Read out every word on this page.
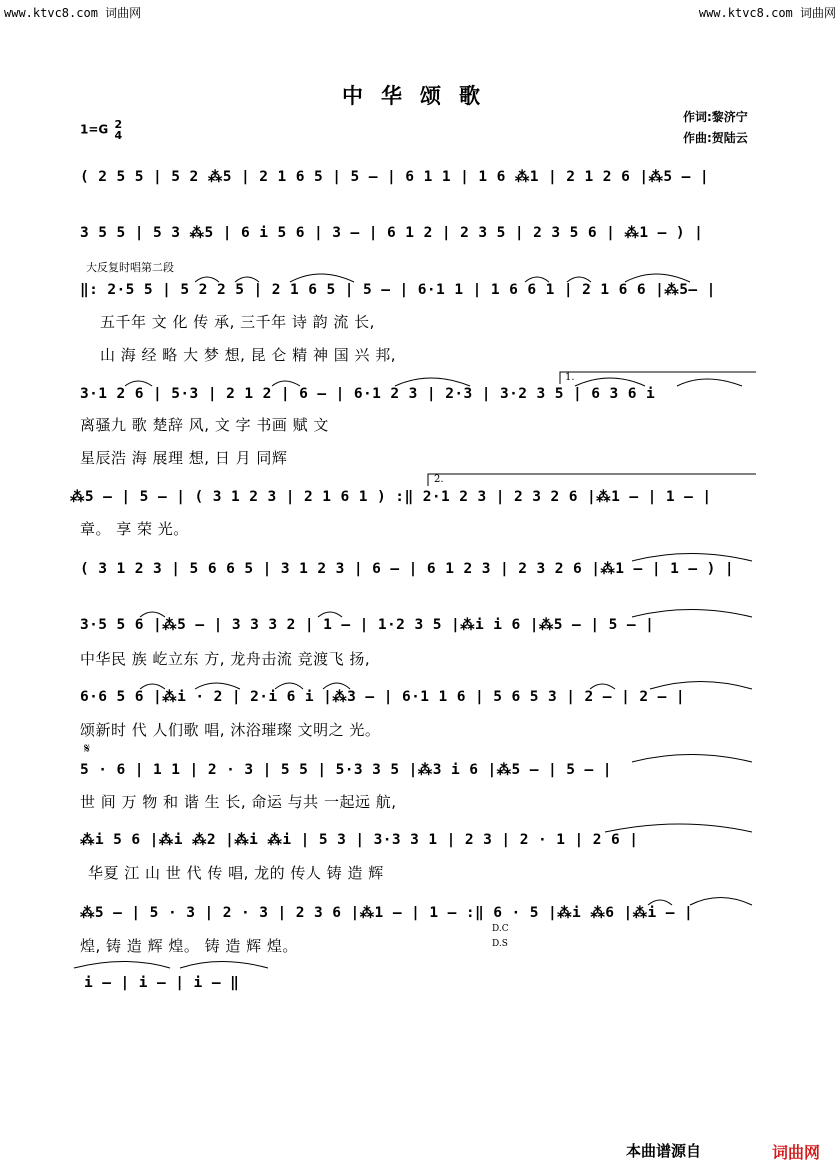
www.ktvc8.com 词曲网	www.ktvc8.com 词曲网
中华颂歌
作词:黎济宁
作曲:贺陆云
1=G 2
4
( 2 5 5 | 5 2 ⁂5 | 2 1 6 5 | 5 — | 6 1 1 | 1 6 ⁂1 | 2 1 2 6 |⁂5 — |
3 5 5 | 5 3 ⁂5 | 6 i 5 6 | 3 — | 6 1 2 | 2 3 5 | 2 3 5 6 | ⁂1 — ) |
大反复时唱第二段
‖: 2·5 5 | 5 2 2 5 | 2 1 6 5 | 5 — | 6·1 1 | 1 6 6 1 | 2 1 6 6 |⁂5— |
五千年 文 化 传 承, 三千年 诗 韵 流 长,
山 海 经 略 大 梦 想, 昆 仑 精 神 国 兴 邦,
1.
3·1 2 6 | 5·3 | 2 1 2 | 6 — | 6·1 2 3 | 2·3 | 3·2 3 5 | 6 3 6 i
离骚九 歌 楚辞 风, 文 字 书画 赋 文
星辰浩 海 展理 想, 日 月 同辉
2.
⁂5 — | 5 — | ( 3 1 2 3 | 2 1 6 1 ) :‖ 2·1 2 3 | 2 3 2 6 |⁂1 — | 1 — |
章。 享 荣 光。
( 3 1 2 3 | 5 6 6 5 | 3 1 2 3 | 6 — | 6 1 2 3 | 2 3 2 6 |⁂1 — | 1 — ) |
3·5 5 6 |⁂5 — | 3 3 3 2 | 1 — | 1·2 3 5 |⁂i i 6 |⁂5 — | 5 — |
中华民 族 屹立东 方, 龙舟击流 竞渡飞 扬,
6·6 5 6 |⁂i · 2 | 2·i 6 i |⁂3 — | 6·1 1 6 | 5 6 5 3 | 2 — | 2 — |
颂新时 代 人们歌 唱, 沐浴璀璨 文明之 光。
𝄋
5 · 6 | 1 1 | 2 · 3 | 5 5 | 5·3 3 5 |⁂3 i 6 |⁂5 — | 5 — |
世 间 万 物 和 谐 生 长, 命运 与共 一起远 航,
⁂i 5 6 |⁂i ⁂2 |⁂i ⁂i | 5 3 | 3·3 3 1 | 2 3 | 2 · 1 | 2 6 |
华夏 江 山 世 代 传 唱, 龙的 传人 铸 造 辉
⁂5 — | 5 · 3 | 2 · 3 | 2 3 6 |⁂1 — | 1 — :‖ 6 · 5 |⁂i ⁂6 |⁂i — |
煌, 铸 造 辉 煌。 铸 造 辉 煌。
D.C
D.S
i — | i — | i — ‖
本曲谱源自	词曲网
